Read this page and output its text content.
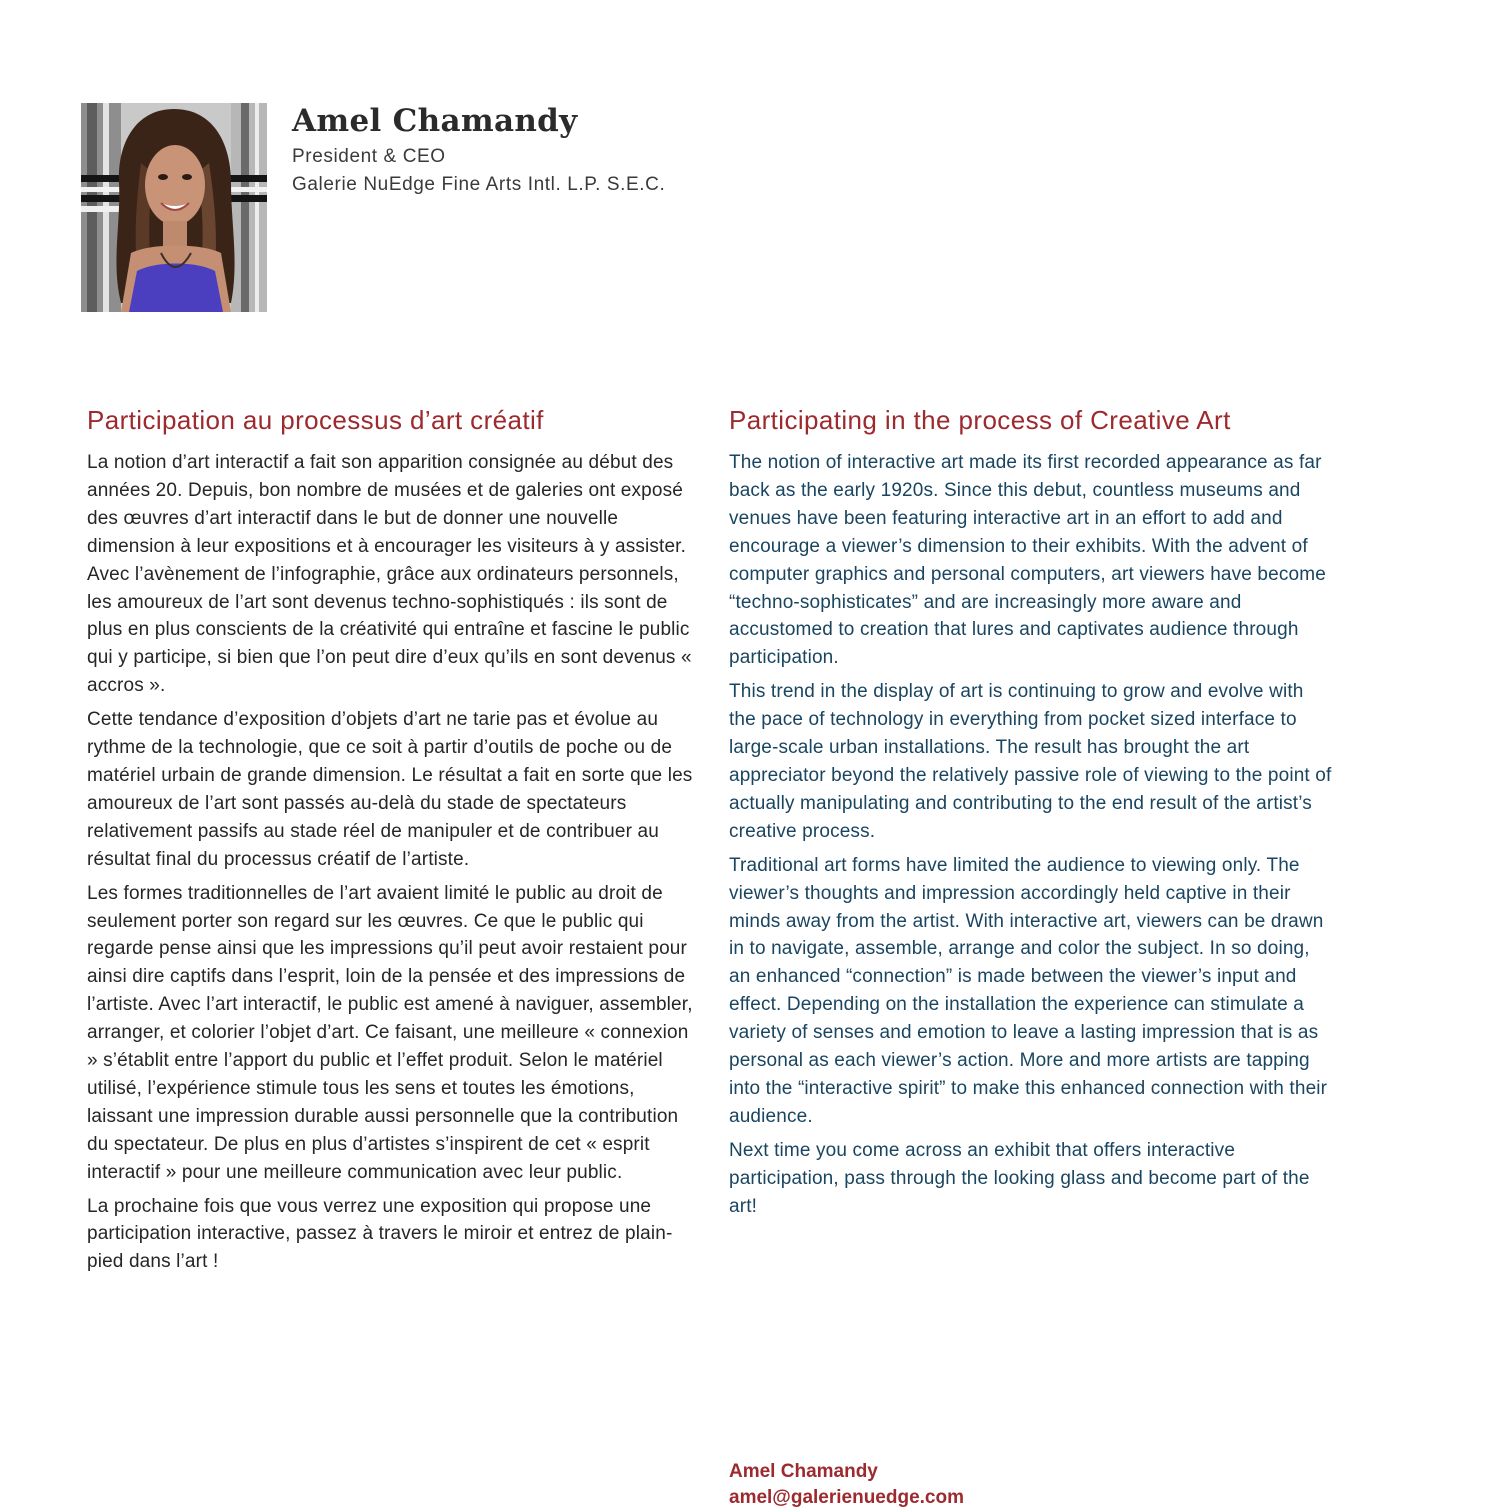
Amel Chamandy
President & CEO
Galerie NuEdge Fine Arts Intl. L.P. S.E.C.
Participation au processus d’art créatif

La notion d’art interactif a fait son apparition consignée au début des années 20. Depuis, bon nombre de musées et de galeries ont exposé des œuvres d’art interactif dans le but de donner une nouvelle dimension à leur expositions et à encourager les visiteurs à y assister. Avec l’avènement de l’infographie, grâce aux ordinateurs personnels, les amoureux de l’art sont devenus techno-sophistiqués : ils sont de plus en plus conscients de la créativité qui entraîne et fascine le public qui y participe, si bien que l’on peut dire d’eux qu’ils en sont devenus « accros ».

Cette tendance d’exposition d’objets d’art ne tarie pas et évolue au rythme de la technologie, que ce soit à partir d’outils de poche ou de matériel urbain de grande dimension. Le résultat a fait en sorte que les amoureux de l’art sont passés au-delà du stade de spectateurs relativement passifs au stade réel de manipuler et de contribuer au résultat final du processus créatif de l’artiste.

Les formes traditionnelles de l’art avaient limité le public au droit de seulement porter son regard sur les œuvres. Ce que le public qui regarde pense ainsi que les impressions qu’il peut avoir restaient pour ainsi dire captifs dans l’esprit, loin de la pensée et des impressions de l’artiste. Avec l’art interactif, le public est amené à naviguer, assembler, arranger, et colorier l’objet d’art. Ce faisant, une meilleure « connexion » s’établit entre l’apport du public et l’effet produit. Selon le matériel utilisé, l’expérience stimule tous les sens et toutes les émotions, laissant une impression durable aussi personnelle que la contribution du spectateur. De plus en plus d’artistes s’inspirent de cet « esprit interactif » pour une meilleure communication avec leur public.

La prochaine fois que vous verrez une exposition qui propose une participation interactive, passez à travers le miroir et entrez de plain-pied dans l’art !

Participating in the process of Creative Art

The notion of interactive art made its first recorded appearance as far back as the early 1920s. Since this debut, countless museums and venues have been featuring interactive art in an effort to add and encourage a viewer’s dimension to their exhibits. With the advent of computer graphics and personal computers, art viewers have become “techno-sophisticates” and are increasingly more aware and accustomed to creation that lures and captivates audience through participation.

This trend in the display of art is continuing to grow and evolve with the pace of technology in everything from pocket sized interface to large-scale urban installations. The result has brought the art appreciator beyond the relatively passive role of viewing to the point of actually manipulating and contributing to the end result of the artist’s creative process.

Traditional art forms have limited the audience to viewing only. The viewer’s thoughts and impression accordingly held captive in their minds away from the artist. With interactive art, viewers can be drawn in to navigate, assemble, arrange and color the subject. In so doing, an enhanced “connection” is made between the viewer’s input and effect. Depending on the installation the experience can stimulate a variety of senses and emotion to leave a lasting impression that is as personal as each viewer’s action. More and more artists are tapping into the “interactive spirit” to make this enhanced connection with their audience.

Next time you come across an exhibit that offers interactive participation, pass through the looking glass and become part of the art!

Amel Chamandy
amel@galerienuedge.com
